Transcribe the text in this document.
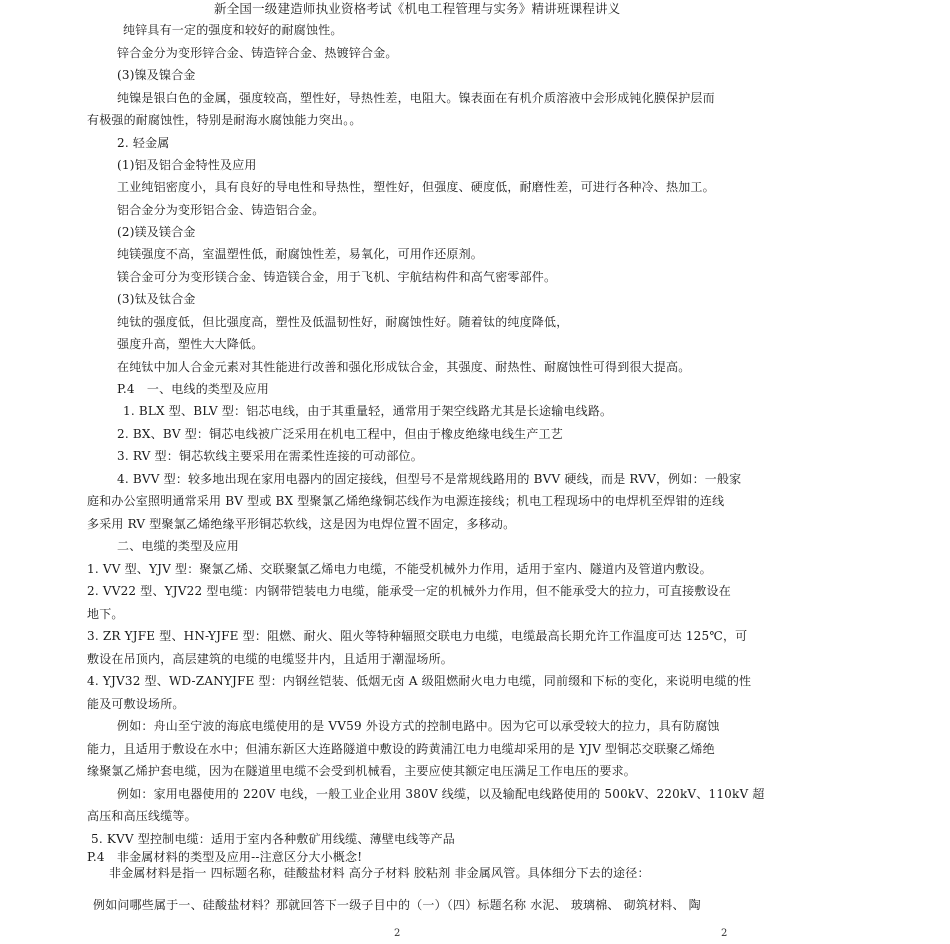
新全国一级建造师执业资格考试《机电工程管理与实务》精讲班课程讲义
纯锌具有一定的强度和较好的耐腐蚀性。
锌合金分为变形锌合金、铸造锌合金、热镀锌合金。
(3)镍及镍合金
纯镍是银白色的金属，强度较高，塑性好，导热性差，电阻大。镍表面在有机介质溶液中会形成钝化膜保护层而
有极强的耐腐蚀性，特别是耐海水腐蚀能力突出。。
2. 轻金属
(1)铝及铝合金特性及应用
工业纯铝密度小，具有良好的导电性和导热性，塑性好，但强度、硬度低，耐磨性差，可进行各种冷、热加工。
铝合金分为变形铝合金、铸造铝合金。
(2)镁及镁合金
纯镁强度不高，室温塑性低，耐腐蚀性差，易氧化，可用作还原剂。
镁合金可分为变形镁合金、铸造镁合金，用于飞机、宇航结构件和高气密零部件。
(3)钛及钛合金
纯钛的强度低，但比强度高，塑性及低温韧性好，耐腐蚀性好。随着钛的纯度降低，
强度升高，塑性大大降低。
在纯钛中加人合金元素对其性能进行改善和强化形成钛合金，其强度、耐热性、耐腐蚀性可得到很大提高。
P.4　一、电线的类型及应用
1. BLX 型、BLV 型：铝芯电线，由于其重量轻，通常用于架空线路尤其是长途输电线路。
2. BX、BV 型：铜芯电线被广泛采用在机电工程中，但由于橡皮绝缘电线生产工艺
3. RV 型：铜芯软线主要采用在需柔性连接的可动部位。
4. BVV 型：较多地出现在家用电器内的固定接线，但型号不是常规线路用的 BVV 硬线，而是 RVV，例如：一般家
庭和办公室照明通常采用 BV 型或 BX 型聚氯乙烯绝缘铜芯线作为电源连接线；机电工程现场中的电焊机至焊钳的连线
多采用 RV 型聚氯乙烯绝缘平形铜芯软线，这是因为电焊位置不固定，多移动。
二、电缆的类型及应用
1. VV 型、YJV 型：聚氯乙烯、交联聚氯乙烯电力电缆，不能受机械外力作用，适用于室内、隧道内及管道内敷设。
2. VV22 型、YJV22 型电缆：内钢带铠装电力电缆，能承受一定的机械外力作用，但不能承受大的拉力，可直接敷设在
地下。
3. ZR YJFE 型、HN-YJFE 型：阻燃、耐火、阻火等特种辐照交联电力电缆，电缆最高长期允许工作温度可达 125℃，可
敷设在吊顶内，高层建筑的电缆的电缆竖井内，且适用于潮湿场所。
4. YJV32 型、WD-ZANYJFE 型：内钢丝铠装、低烟无卤 A 级阻燃耐火电力电缆，同前缀和下标的变化，来说明电缆的性
能及可敷设场所。
例如：舟山至宁波的海底电缆使用的是 VV59 外设方式的控制电路中。因为它可以承受较大的拉力，具有防腐蚀
能力，且适用于敷设在水中；但浦东新区大连路隧道中敷设的跨黄浦江电力电缆却采用的是 YJV 型铜芯交联聚乙烯绝
缘聚氯乙烯护套电缆，因为在隧道里电缆不会受到机械看，主要应使其额定电压满足工作电压的要求。
例如：家用电器使用的 220V 电线，一般工业企业用 380V 线缆，以及输配电线路使用的 500kV、220kV、110kV 超
高压和高压线缆等。
5. KVV 型控制电缆：适用于室内各种敷矿用线缆、薄壁电线等产品
P.4　非金属材料的类型及应用--注意区分大小概念!
非金属材料是指一 四标题名称，硅酸盐材料 高分子材料 胶粘剂 非金属风管。具体细分下去的途径：
例如问哪些属于一、硅酸盐材料？那就回答下一级子目中的（一）（四）标题名称 水泥、 玻璃棉、 砌筑材料、 陶
2	2
